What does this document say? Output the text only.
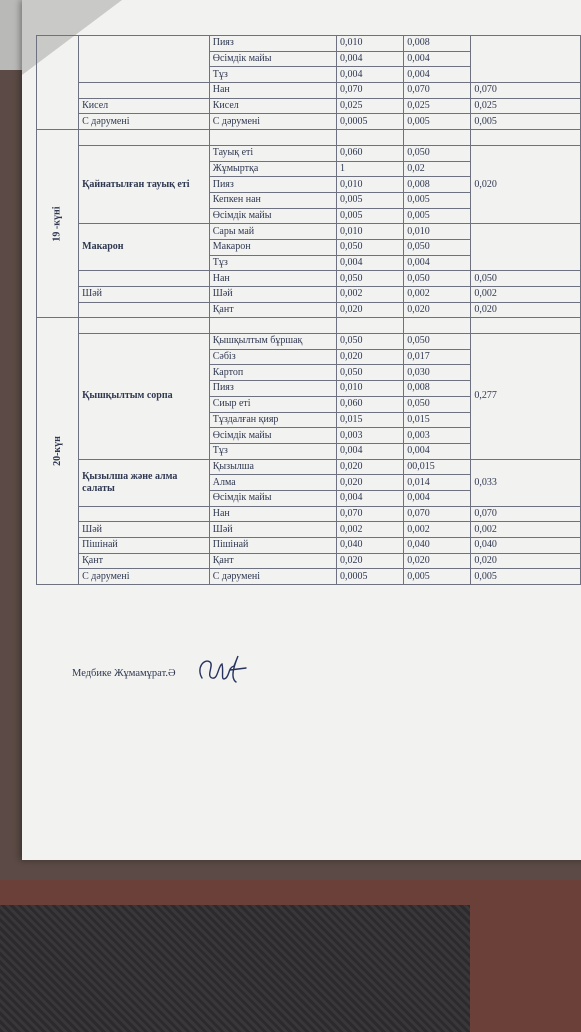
		Пияз	0,010	0,008	
		Өсімдік майы	0,004	0,004	
		Тұз	0,004	0,004	
		Нан	0,070	0,070	0,070
	Кисел	Кисел	0,025	0,025	0,025
	С дәрумені	С дәрумені	0,0005	0,005	0,005
19 -күні					
	Қайнатылған тауық еті	Тауық еті	0,060	0,050	0,020
		Жұмыртқа	1	0,02	
		Пияз	0,010	0,008	
		Кепкен нан	0,005	0,005	
		Өсімдік майы	0,005	0,005	
	Макарон	Сары май	0,010	0,010	
		Макарон	0,050	0,050	
		Тұз	0,004	0,004	
		Нан	0,050	0,050	0,050
	Шәй	Шәй	0,002	0,002	0,002
		Қант	0,020	0,020	0,020
20-күн					
	Қышқылтым сорпа	Қышқылтым бұршақ	0,050	0,050	0,277
		Сәбіз	0,020	0,017	
		Картоп	0,050	0,030	
		Пияз	0,010	0,008	
		Сиыр еті	0,060	0,050	
		Тұздалған қияр	0,015	0,015	
		Өсімдік майы	0,003	0,003	
		Тұз	0,004	0,004	
	Қызылша және алма салаты	Қызылша	0,020	00,015	0,033
		Алма	0,020	0,014	
		Өсімдік майы	0,004	0,004	
		Нан	0,070	0,070	0,070
	Шәй	Шәй	0,002	0,002	0,002
	Пішінай	Пішінай	0,040	0,040	0,040
	Қант	Қант	0,020	0,020	0,020
	С дәрумені	С дәрумені	0,0005	0,005	0,005
Медбике Жұмамұрат.Ә
